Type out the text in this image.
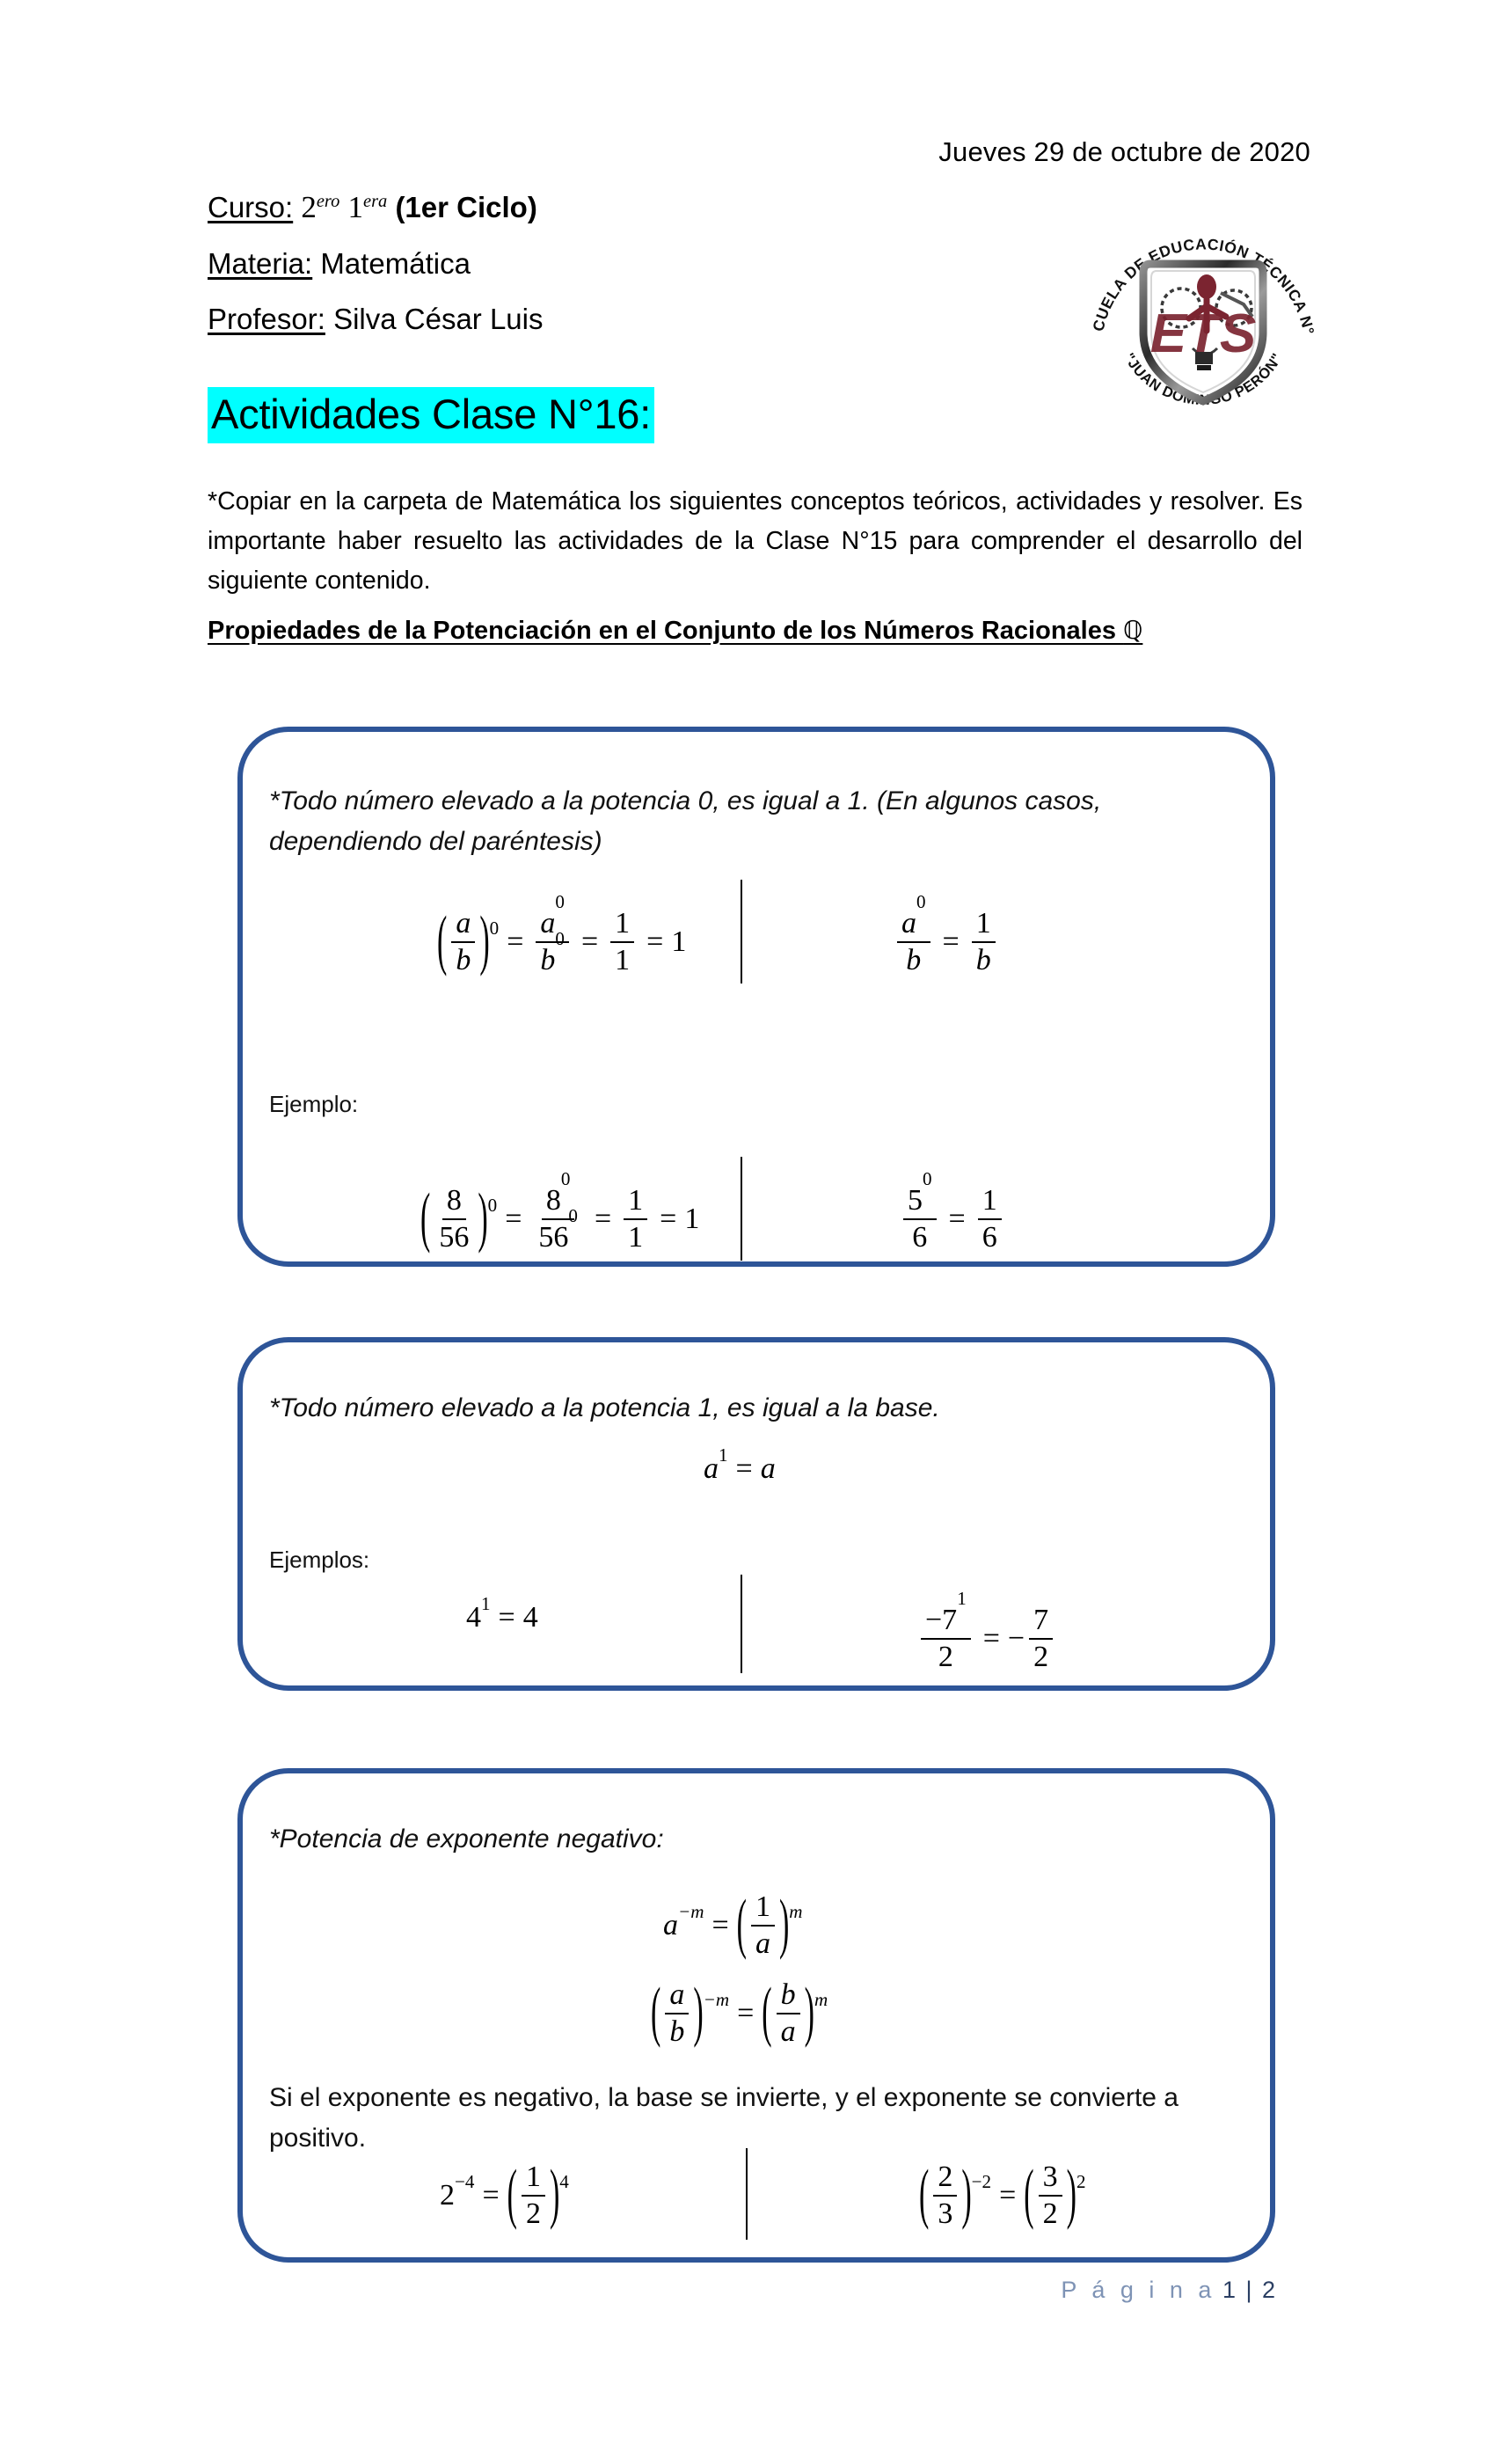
Jueves 29 de octubre de 2020
CUELA DE EDUCACIÓN TÉCNICA N°
"JUAN DOMINGO PERÓN"
ETS
Curso: $2^{ero}$ $1^{era}$ (1er Ciclo)
Materia: Matemática
Profesor: Silva César Luis
Actividades Clase N°16:
*Copiar en la carpeta de Matemática los siguientes conceptos teóricos, actividades y resolver. Es importante haber resuelto las actividades de la Clase N°15 para comprender el desarrollo del siguiente contenido.
Propiedades de la Potenciación en el Conjunto de los Números Racionales ℚ
*Todo número elevado a la potencia 0, es igual a 1. (En algunos casos, dependiendo del paréntesis)
( $\frac{a}{b}$ ) $0 = \frac{a^0}{b^0} = \frac{1}{1} = 1$	$\frac{a^0}{b} = \frac{1}{b}$
Ejemplo:
( $\frac{8}{56}$ ) $0 = \frac{8^0}{56^0} = \frac{1}{1} = 1$	$\frac{5^0}{6} = \frac{1}{6}$
*Todo número elevado a la potencia 1, es igual a la base.
a 1 = a
Ejemplos:
4 1 = 4	$\frac{-7^1}{2}$ = − $\frac{7}{2}$
*Potencia de exponente negativo:
a −m = ( $\frac{1}{a}$ ) m
( $\frac{a}{b}$ ) −m = ( $\frac{b}{a}$ ) m
Si el exponente es negativo, la base se invierte, y el exponente se convierte a positivo.
2 −4 = ( $\frac{1}{2}$ ) 4	( $\frac{2}{3}$ ) −2 = ( $\frac{3}{2}$ ) 2
P á g i n a 1 | 2
